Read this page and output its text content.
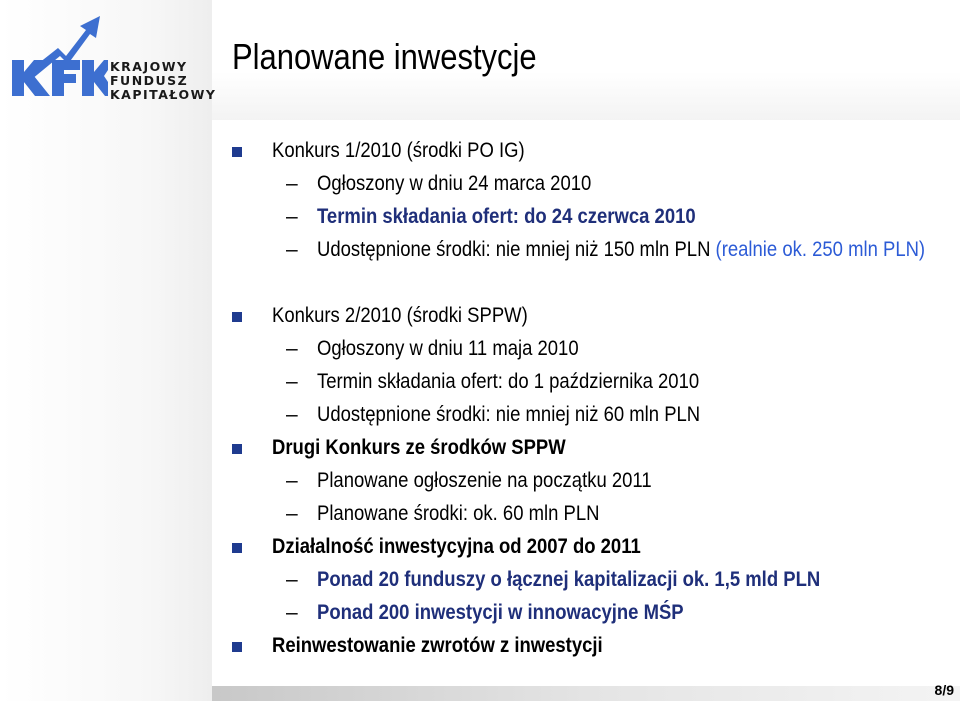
KRAJOWY
FUNDUSZ
KAPITAŁOWY

Planowane inwestycje
Konkurs 1/2010 (środki PO IG)
– Ogłoszony w dniu 24 marca 2010
– Termin składania ofert: do 24 czerwca 2010
– Udostępnione środki: nie mniej niż 150 mln PLN (realnie ok. 250 mln PLN)
Konkurs 2/2010 (środki SPPW)
– Ogłoszony w dniu 11 maja 2010
– Termin składania ofert: do 1 października 2010
– Udostępnione środki: nie mniej niż 60 mln PLN
Drugi Konkurs ze środków SPPW
– Planowane ogłoszenie na początku 2011
– Planowane środki: ok. 60 mln PLN
Działalność inwestycyjna od 2007 do 2011
– Ponad 20 funduszy o łącznej kapitalizacji ok. 1,5 mld PLN
– Ponad 200 inwestycji w innowacyjne MŚP
Reinwestowanie zwrotów z inwestycji
8/9
